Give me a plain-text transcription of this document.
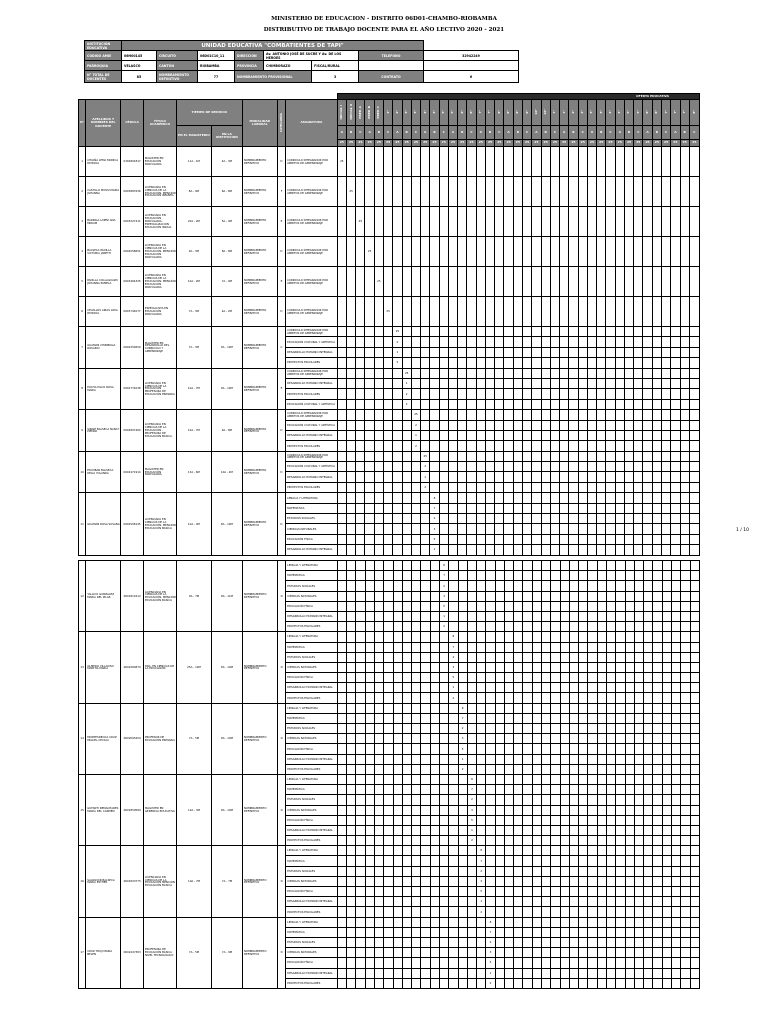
MINISTERIO DE EDUCACION - DISTRITO 06D01-CHAMBO-RIOBAMBA
DISTRIBUTIVO DE TRABAJO DOCENTE PARA EL AÑO LECTIVO 2020 - 2021
INSTITUCIÓN EDUCATIVA	UNIDAD EDUCATIVA "COMBATIENTES DE TAPI"							
CODIGO AMIE	06H00145	CIRCUITO	06D01C10_11	DIRECCION	Av. ANTONIO JOSÉ DE SUCRE Y Av. DE LOS HEROES		TELEFONO	32942249
PARROQUIA	VELASCO	CANTÓN	RIOBAMBA	PROVINCIA	CHIMBORAZO	FISCAL/RURAL		
N° TOTAL DE DOCENTES	85	NOMBRAMIENTO DEFINITIVO	77	NOMBRAMIENTO PROVISIONAL		3	CONTRATO	6
									OFERTA EDUCATIVA																																						
N°	APELLIDOS Y NOMBRES DEL DOCENTE	CÉDULA	TÍTULO ACADÉMICO	TIEMPO DE SERVICIO		MODALIDAD LABORAL	CATEGORÍA	ASIGNATURA	INICIAL I	INICIAL II	PREP. A	PREP. B	PREP. C	2°	2°	3°	3°	4°	4°	5°	5°	6°	6°	7°	7°	8°	8°	9°	9°	10°	10°	1°	1°	2°	2°	3°	3°	4°	4°	5°	5°	6°	6°	7°	7°	7°	8°
				EN EL MAGISTERIO	EN LA INSTITUCIÓN				A	B	C	A	B	C	A	B	C	A	B	C	A	B	C	A	B	C	A	B	C	A	B	C	A	B	C	A	B	C	A	B	C	A	B	C	A	B	C
									25	25	25	25	25	25	25	25	25	25	25	25	25	25	25	25	25	25	25	25	25	25	25	25	25	25	25	25	25	25	25	25	25	25	25	25	25	25	25
1	CHILIÑA LEMA MONICA PATRICIA	0302891817	MAGISTER EN EDUCACIÓN PARVULARIA	11A - 1M	4A - 3M	NOMBRAMIENTO DEFINITIVO	D	CURRICULO INTEGRADOR POR AMBITOS DE APRENDIZAJE	25																																						
2	CASTILLO MOSSI MARÍA JOHANNA	0603887636	LICENCIADA EN CIENCIAS DE LA EDUCACIÓN, MENCIÓN EDUCACIÓN INFANTIL	8A - 9M	6A - 8M	NOMBRAMIENTO DEFINITIVO	F	CURRICULO INTEGRADOR POR AMBITOS DE APRENDIZAJE		25																																					
3	BARRIGA LÓPEZ ANA MIRIAM	0603227411	LICENCIADA EN EDUCACIÓN PARVULARIA, ESPECIALIZACIÓN EDUCACIÓN INICIAL	20A - 2M	5A - 9M	NOMBRAMIENTO DEFINITIVO	E	CURRICULO INTEGRADOR POR AMBITOS DE APRENDIZAJE			25																																				
4	BALSECA PADILLA VICTORIA JANETH	0602058651	LICENCIADA EN CIENCIAS DE LA EDUCACIÓN, MENCIÓN EDUCACIÓN PARVULARIA	9A - 3M	8A - 8M	NOMBRAMIENTO DEFINITIVO	D	CURRICULO INTEGRADOR POR AMBITOS DE APRENDIZAJE				25																																			
5	PADILLA COLLAGUAZO JOHANNA PAMELA	0603464325	LICENCIADA EN CIENCIAS DE LA EDUCACIÓN, MENCIÓN EDUCACIÓN PARVULARIA	10A - 2M	7A - 9M	NOMBRAMIENTO DEFINITIVO	E	CURRICULO INTEGRADOR POR AMBITOS DE APRENDIZAJE					25																																		
6	CEVALLOS ARIAS LIDIA PATRICIA	0603744077	ESPECIALISTA EN EDUCACIÓN PARVULARIA	7A - 3M	4A - 2M	NOMBRAMIENTO DEFINITIVO	D	CURRICULO INTEGRADOR POR AMBITOS DE APRENDIZAJE						25																																	
7	GUAMAN CHIRIBOGA ROSARIO	0602250659	MAGÍSTER EN DESARROLLO DEL CURRICULO Y APRENDIZAJE	7A - 3M	9A - 10M	NOMBRAMIENTO DEFINITIVO	C	CURRICULO INTEGRADOR POR AMBITOS DE APRENDIZAJE							25																																
								EDUCACIÓN CULTURAL Y ARTÍSTICA							2																																
								DESARROLLO HUMANO INTEGRAL							1																																
								PROYECTOS ESCOLARES							2																																
8	PUCHA PILCO ROSA MARIA	0602774038	LICENCIADA EN CIENCIAS DE LA EDUCACIÓN PROFESORA DE EDUCACIÓN PRIMARIA	10A - 7M	9A - 10M	NOMBRAMIENTO DEFINITIVO	E	CURRICULO INTEGRADOR POR AMBITOS DE APRENDIZAJE								25																															
								DESARROLLO HUMANO INTEGRAL								1																															
								PROYECTOS ESCOLARES								2																															
								EDUCACIÓN CULTURAL Y ARTÍSTICA								2																															
9	SINAJE BALSECA NANCY PIEDAD	0602807464	LICENCIADA EN CIENCIAS DE LA EDUCACIÓN PROFESORA DE EDUCACIÓN BÁSICA	10A - 7M	9A - 8M	NOMBRAMIENTO DEFINITIVO	D	CURRICULO INTEGRADOR POR AMBITOS DE APRENDIZAJE									25																														
								EDUCACIÓN CULTURAL Y ARTÍSTICA									2																														
								DESARROLLO HUMANO INTEGRAL									1																														
								PROYECTOS ESCOLARES									2																														
10	ESCOBAR BALSECA DELIA YOLANDA	0602471914	MAGISTER EN EDUCACIÓN PARVULARIA	13A - 6M	10A - 4M	NOMBRAMIENTO DEFINITIVO	D	CURRICULO INTEGRADOR POR AMBITOS DE APRENDIZAJE										25																													
								EDUCACIÓN CULTURAL Y ARTÍSTICA										2																													
								DESARROLLO HUMANO INTEGRAL										1																													
								PROYECTOS ESCOLARES										2																													
11	GUAMÁN ROSA SUSANA	0602508145	LICENCIADA EN CIENCIAS DE LA EDUCACIÓN, MENCIÓN EDUCACIÓN BÁSICA	10A - 4M	8A - 10M	NOMBRAMIENTO DEFINITIVO	D	LENGUA Y LITERATURA											8																												
								MATEMÁTICA											7																												
								ESTUDIOS SOCIALES											2																												
								CIENCIAS NATURALES											3																												
								EDUCACIÓN FÍSICA											5																												
								DESARROLLO HUMANO INTEGRAL											1																												
1 / 10
12	YALLICO GONZALEZ MARÍA DEL PILAR	0601811612	LICENCIADA EN CIENCIAS DE LA EDUCACIÓN, MENCIÓN EDUCACIÓN BÁSICA	9A - 7M	8A - 11M	NOMBRAMIENTO DEFINITIVO	D	LENGUA Y LITERATURA												8																											
								MATEMÁTICA												7																											
								ESTUDIOS SOCIALES												2																											
								CIENCIAS NATURALES												3																											
								EDUCACIÓN FÍSICA												5																											
								DESARROLLO HUMANO INTEGRAL												1																											
								PROYECTOS ESCOLARES												2																											
13	OLMEDO VILLAVISO MARTHA MARÍA	0602284870	DRA. EN CIENCIAS DE LA EDUCACIÓN	25A - 10M	8A - 10M	NOMBRAMIENTO DEFINITIVO	D	LENGUA Y LITERATURA													8																										
								MATEMÁTICA													7																										
								ESTUDIOS SOCIALES													2																										
								CIENCIAS NATURALES													3																										
								EDUCACIÓN FÍSICA													5																										
								DESARROLLO HUMANO INTEGRAL													1																										
								PROYECTOS ESCOLARES													2																										
14	MONTESDEOCA CRUZ MIGUEL CECILIA	0602095450	PROFESOR DE EDUCACIÓN PRIMARIA	7A - 5M	8A - 10M	NOMBRAMIENTO DEFINITIVO	D	LENGUA Y LITERATURA														8																									
								MATEMÁTICA														7																									
								ESTUDIOS SOCIALES														2																									
								CIENCIAS NATURALES														3																									
								EDUCACIÓN FÍSICA														5																									
								DESARROLLO HUMANO INTEGRAL														1																									
								PROYECTOS ESCOLARES														2																									
15	GUFANTI REMACHARES MARÍA DEL CARMEN	0601859589	MAGISTER EN GERENCIA EDUCATIVA	12A - 3M	8A - 10M	NOMBRAMIENTO DEFINITIVO	D	LENGUA Y LITERATURA															8																								
								MATEMÁTICA															7																								
								ESTUDIOS SOCIALES															2																								
								CIENCIAS NATURALES															3																								
								EDUCACIÓN FÍSICA															5																								
								DESARROLLO HUMANO INTEGRAL															1																								
								PROYECTOS ESCOLARES															2																								
16	SALVADOR BALSECA MARÍA ESTHER	0601843775	LICENCIADA EN CIENCIAS DE LA EDUCACIÓN MENCIÓN EDUCACIÓN BÁSICA	10A - 7M	7A - 7M	NOMBRAMIENTO DEFINITIVO	D	LENGUA Y LITERATURA																8																							
								MATEMÁTICA																7																							
								ESTUDIOS SOCIALES																2																							
								CIENCIAS NATURALES																3																							
								EDUCACIÓN FÍSICA																5																							
								DESARROLLO HUMANO INTEGRAL																1																							
								PROYECTOS ESCOLARES																2																							
17	CRUZ TRUJI MARÍA BELEN	0602447363	PROFESORA DE EDUCACIÓN BÁSICA NIVEL TECNOLÓGICO	7A - 5M	7A - 9M	NOMBRAMIENTO DEFINITIVO	D	LENGUA Y LITERATURA																	8																						
								MATEMÁTICA																	7																						
								ESTUDIOS SOCIALES																	2																						
								CIENCIAS NATURALES																	3																						
								EDUCACIÓN FÍSICA																	5																						
								DESARROLLO HUMANO INTEGRAL																	1																						
								PROYECTOS ESCOLARES																	2																						
